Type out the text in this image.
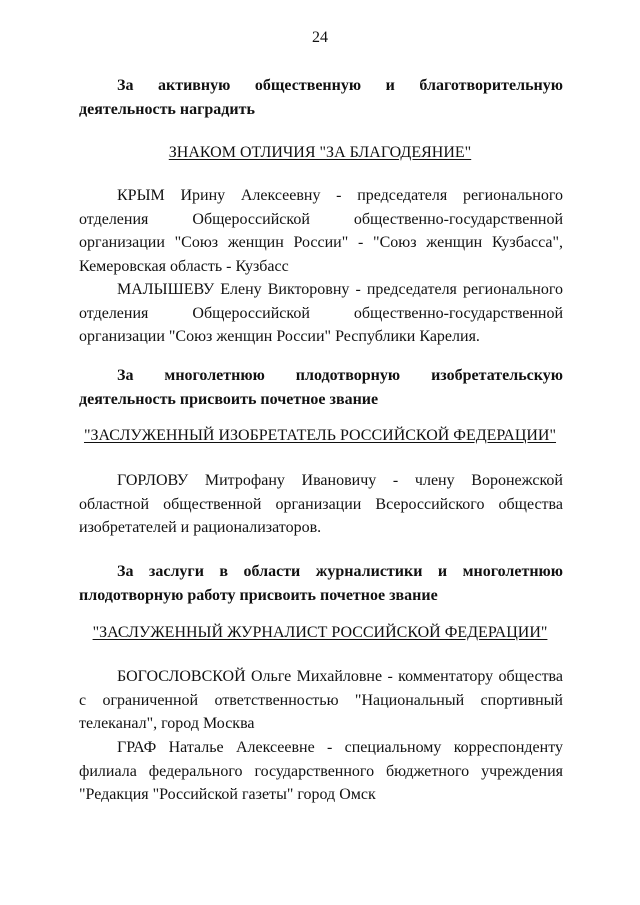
24
За активную общественную и благотворительную
деятельность наградить
ЗНАКОМ ОТЛИЧИЯ "ЗА БЛАГОДЕЯНИЕ"
КРЫМ Ирину Алексеевну - председателя регионального
отделения Общероссийской общественно-государственной
организации "Союз женщин России" - "Союз женщин Кузбасса",
Кемеровская область - Кузбасс
МАЛЫШЕВУ Елену Викторовну - председателя регионального
отделения Общероссийской общественно-государственной
организации "Союз женщин России" Республики Карелия.
За многолетнюю плодотворную изобретательскую
деятельность присвоить почетное звание
"ЗАСЛУЖЕННЫЙ ИЗОБРЕТАТЕЛЬ РОССИЙСКОЙ ФЕДЕРАЦИИ"
ГОРЛОВУ Митрофану Ивановичу - члену Воронежской
областной общественной организации Всероссийского общества
изобретателей и рационализаторов.
За заслуги в области журналистики и многолетнюю
плодотворную работу присвоить почетное звание
"ЗАСЛУЖЕННЫЙ ЖУРНАЛИСТ РОССИЙСКОЙ ФЕДЕРАЦИИ"
БОГОСЛОВСКОЙ Ольге Михайловне - комментатору общества
с ограниченной ответственностью "Национальный спортивный
телеканал", город Москва
ГРАФ Наталье Алексеевне - специальному корреспонденту
филиала федерального государственного бюджетного учреждения
"Редакция "Российской газеты" город Омск
